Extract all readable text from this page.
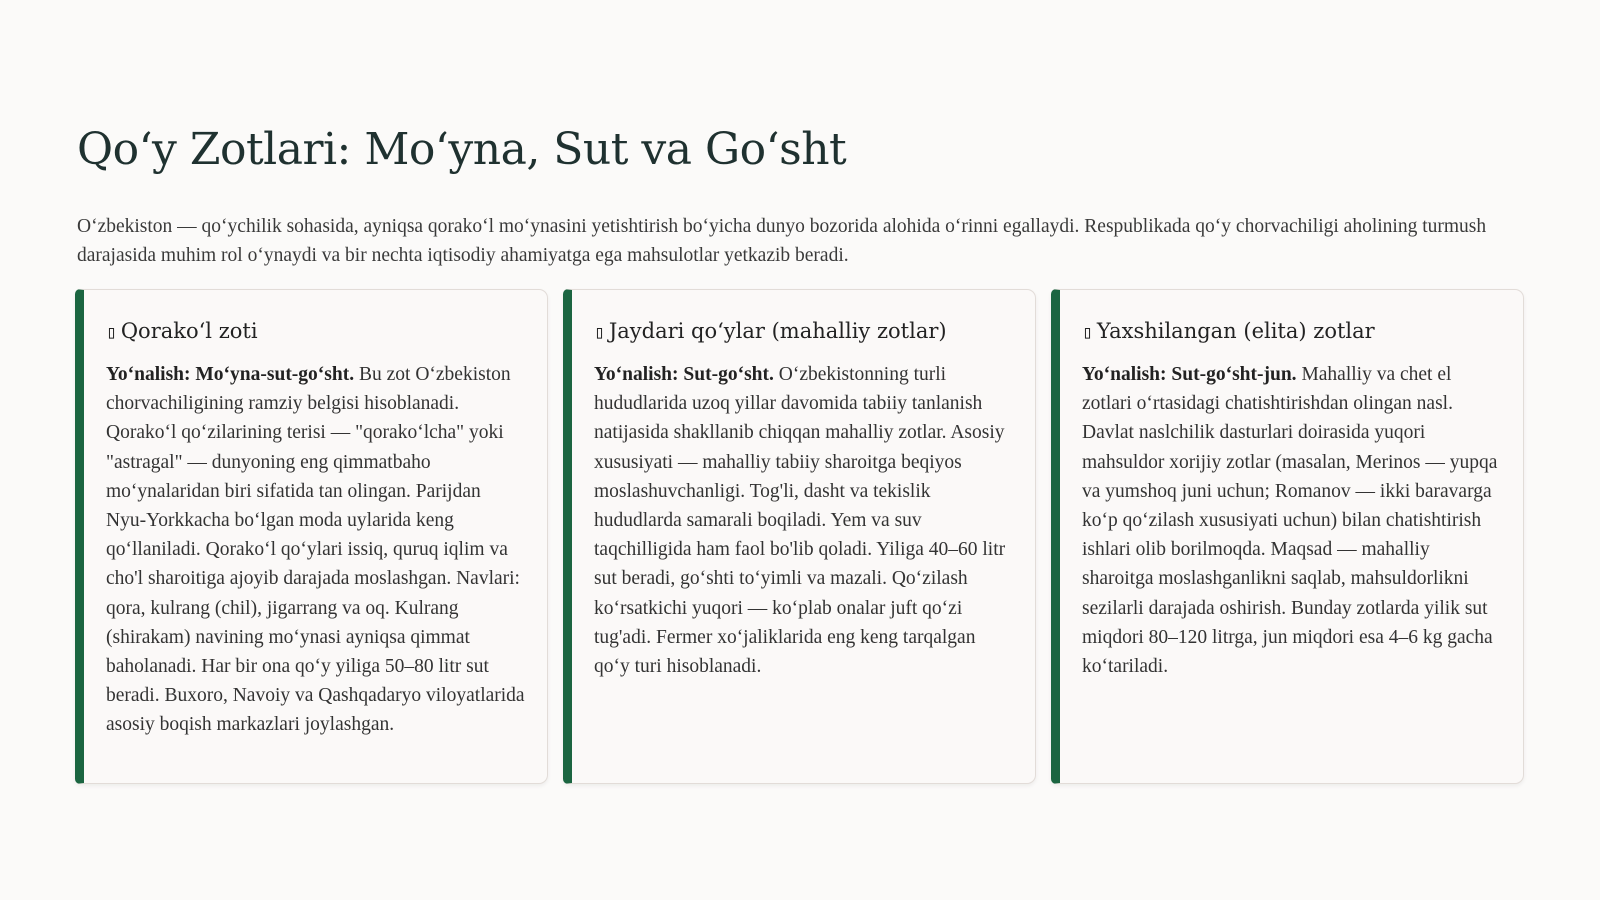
Qoʻy Zotlari: Moʻyna, Sut va Goʻsht

Oʻzbekiston — qoʻychilik sohasida, ayniqsa qorakoʻl moʻynasini yetishtirish boʻyicha dunyo bozorida alohida oʻrinni egallaydi. Respublikada qoʻy chorvachiligi aholining turmush darajasida muhim rol oʻynaydi va bir nechta iqtisodiy ahamiyatga ega mahsulotlar yetkazib beradi.

▯ Qorakoʻl zoti

Yoʻnalish: Moʻyna-sut-goʻsht. Bu zot Oʻzbekiston chorvachiligining ramziy belgisi hisoblanadi. Qorakoʻl qoʻzilarining terisi — "qorakoʻlcha" yoki "astragal" — dunyoning eng qimmatbaho moʻynalaridan biri sifatida tan olingan. Parijdan Nyu-Yorkkacha boʻlgan moda uylarida keng qoʻllaniladi. Qorakoʻl qoʻylari issiq, quruq iqlim va cho'l sharoitiga ajoyib darajada moslashgan. Navlari: qora, kulrang (chil), jigarrang va oq. Kulrang (shirakam) navining moʻynasi ayniqsa qimmat baholanadi. Har bir ona qoʻy yiliga 50–80 litr sut beradi. Buxoro, Navoiy va Qashqadaryo viloyatlarida asosiy boqish markazlari joylashgan.

▯ Jaydari qoʻylar (mahalliy zotlar)

Yoʻnalish: Sut-goʻsht. Oʻzbekistonning turli hududlarida uzoq yillar davomida tabiiy tanlanish natijasida shakllanib chiqqan mahalliy zotlar. Asosiy xususiyati — mahalliy tabiiy sharoitga beqiyos moslashuvchanligi. Tog'li, dasht va tekislik hududlarda samarali boqiladi. Yem va suv taqchilligida ham faol bo'lib qoladi. Yiliga 40–60 litr sut beradi, goʻshti toʻyimli va mazali. Qoʻzilash koʻrsatkichi yuqori — koʻplab onalar juft qoʻzi tug'adi. Fermer xoʻjaliklarida eng keng tarqalgan qoʻy turi hisoblanadi.

▯ Yaxshilangan (elita) zotlar

Yoʻnalish: Sut-goʻsht-jun. Mahalliy va chet el zotlari oʻrtasidagi chatishtirishdan olingan nasl. Davlat naslchilik dasturlari doirasida yuqori mahsuldor xorijiy zotlar (masalan, Merinos — yupqa va yumshoq juni uchun; Romanov — ikki baravarga koʻp qoʻzilash xususiyati uchun) bilan chatishtirish ishlari olib borilmoqda. Maqsad — mahalliy sharoitga moslashganlikni saqlab, mahsuldorlikni sezilarli darajada oshirish. Bunday zotlarda yilik sut miqdori 80–120 litrga, jun miqdori esa 4–6 kg gacha koʻtariladi.
